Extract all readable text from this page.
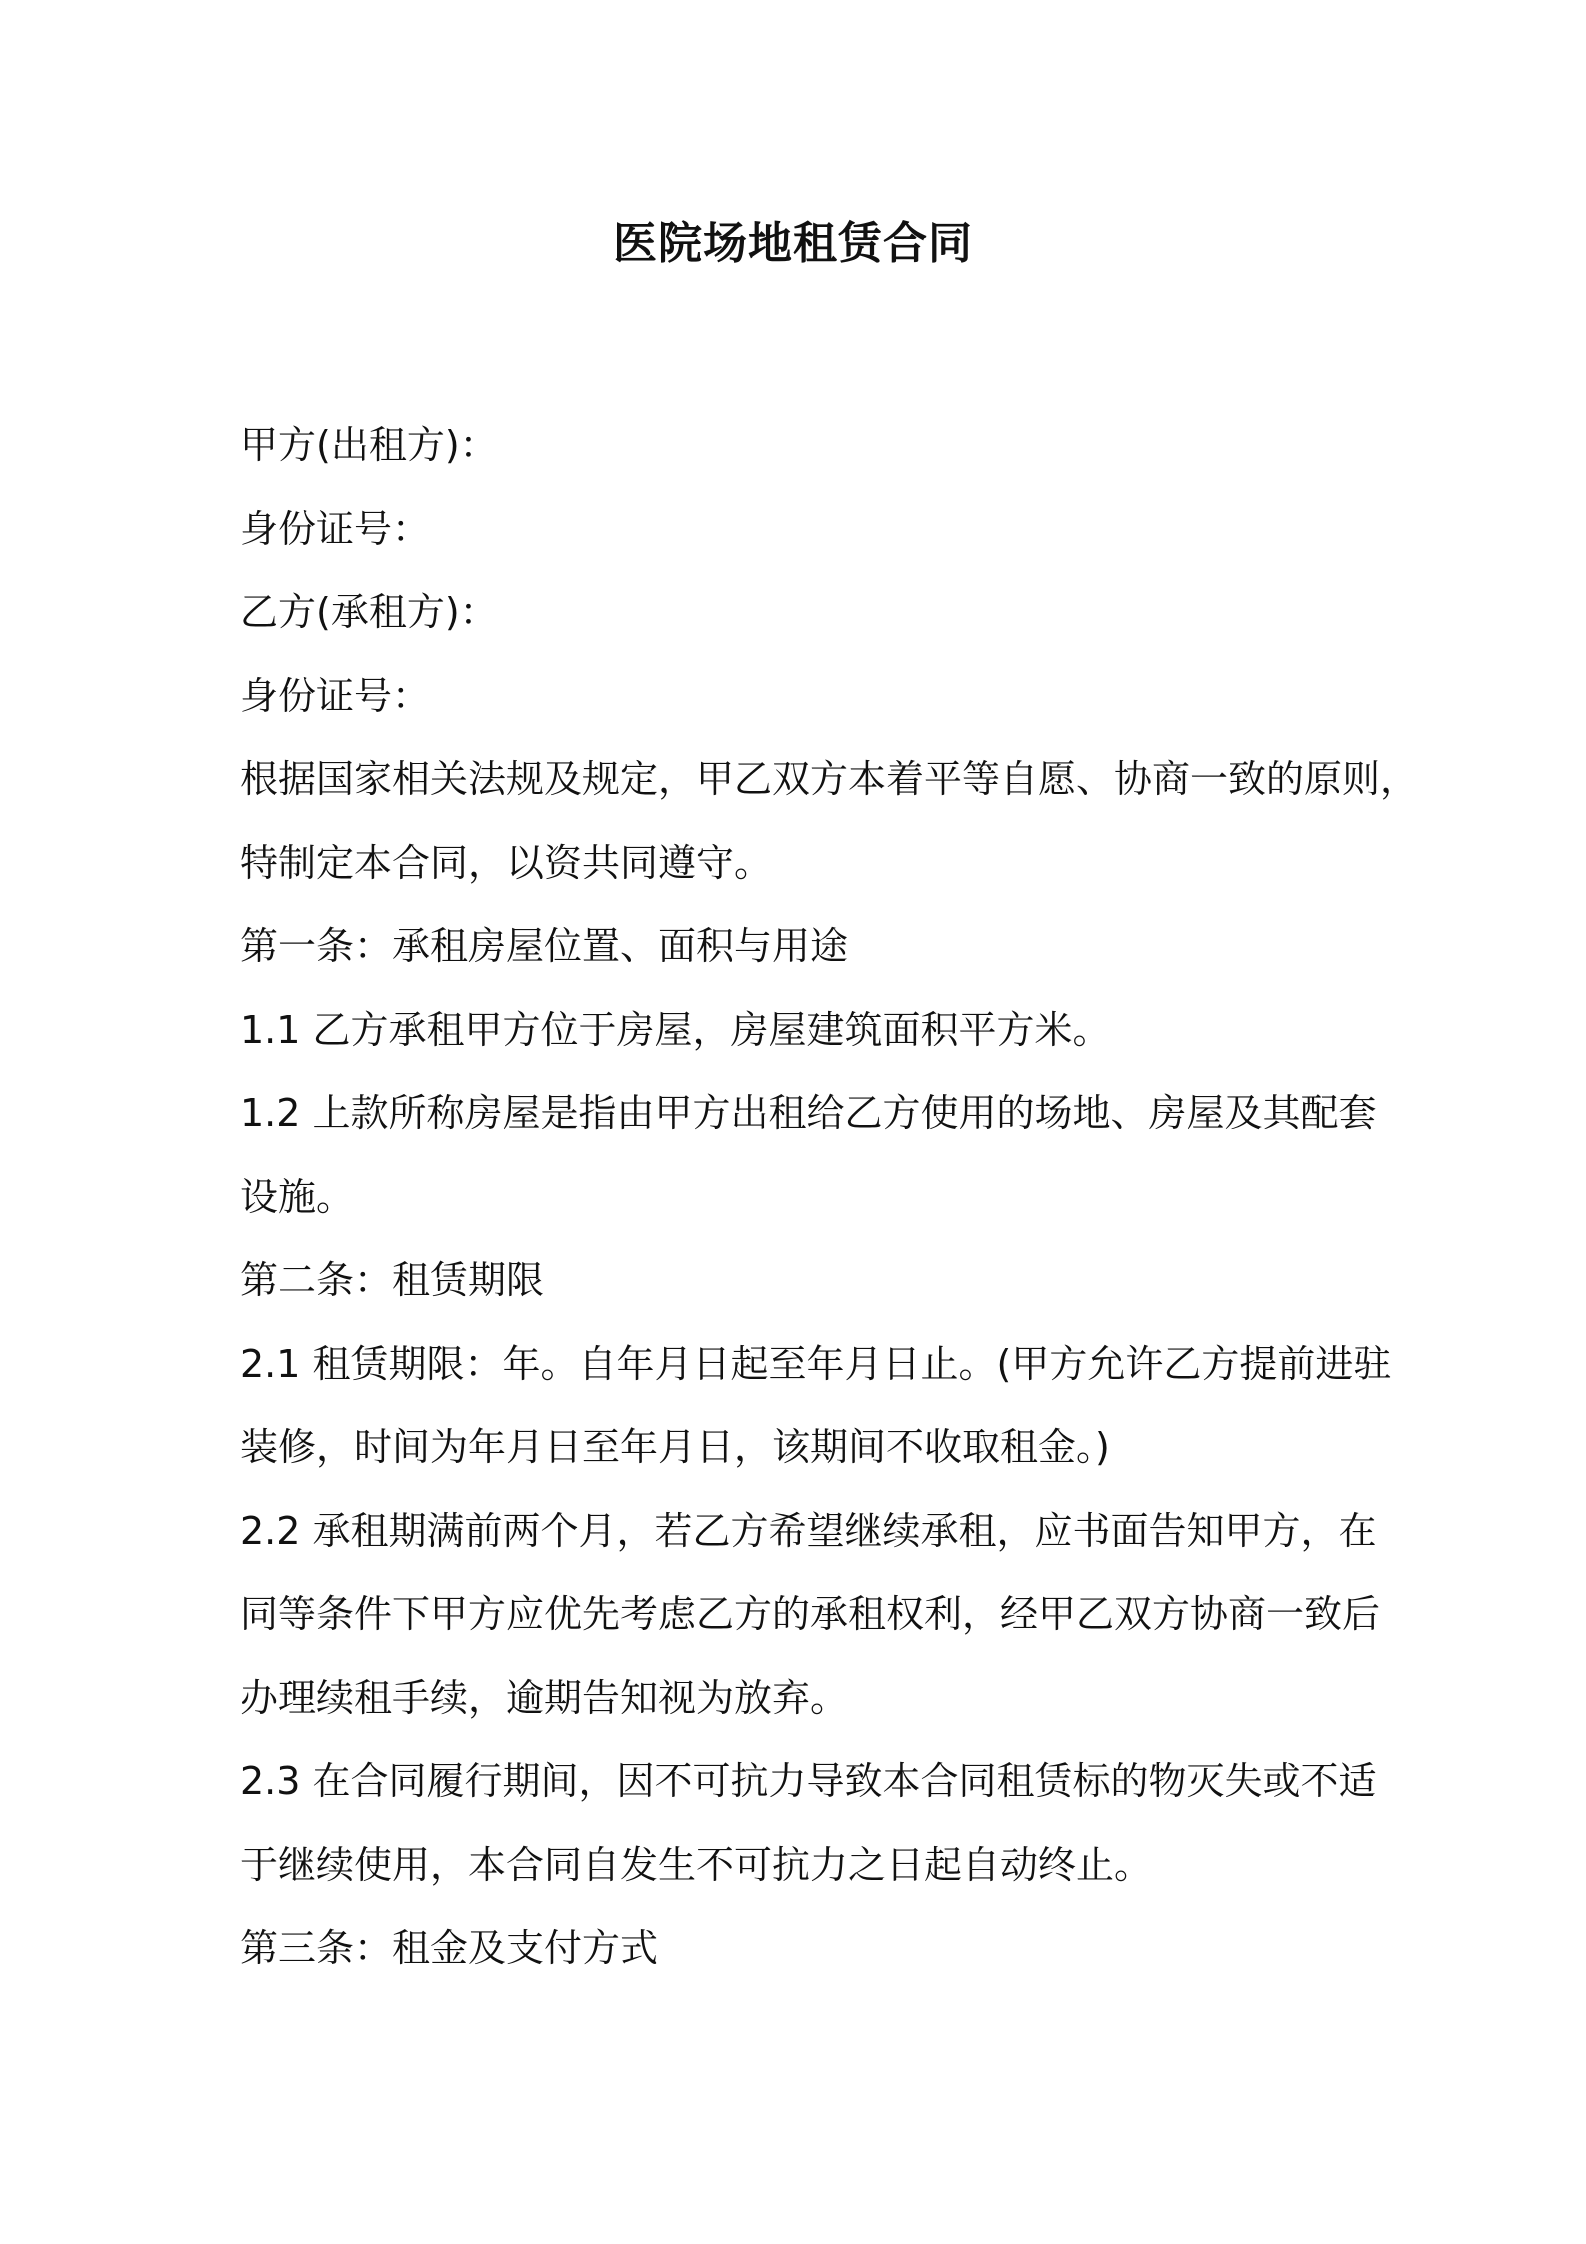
医院场地租赁合同

甲方(出租方)：

身份证号：

乙方(承租方)：

身份证号：

根据国家相关法规及规定，甲乙双方本着平等自愿、协商一致的原则，

特制定本合同，以资共同遵守。

第一条：承租房屋位置、面积与用途

1.1 乙方承租甲方位于房屋，房屋建筑面积平方米。

1.2 上款所称房屋是指由甲方出租给乙方使用的场地、房屋及其配套

设施。

第二条：租赁期限

2.1 租赁期限：年。自年月日起至年月日止。(甲方允许乙方提前进驻

装修，时间为年月日至年月日，该期间不收取租金。)

2.2 承租期满前两个月，若乙方希望继续承租，应书面告知甲方，在

同等条件下甲方应优先考虑乙方的承租权利，经甲乙双方协商一致后

办理续租手续，逾期告知视为放弃。

2.3 在合同履行期间，因不可抗力导致本合同租赁标的物灭失或不适

于继续使用，本合同自发生不可抗力之日起自动终止。

第三条：租金及支付方式
